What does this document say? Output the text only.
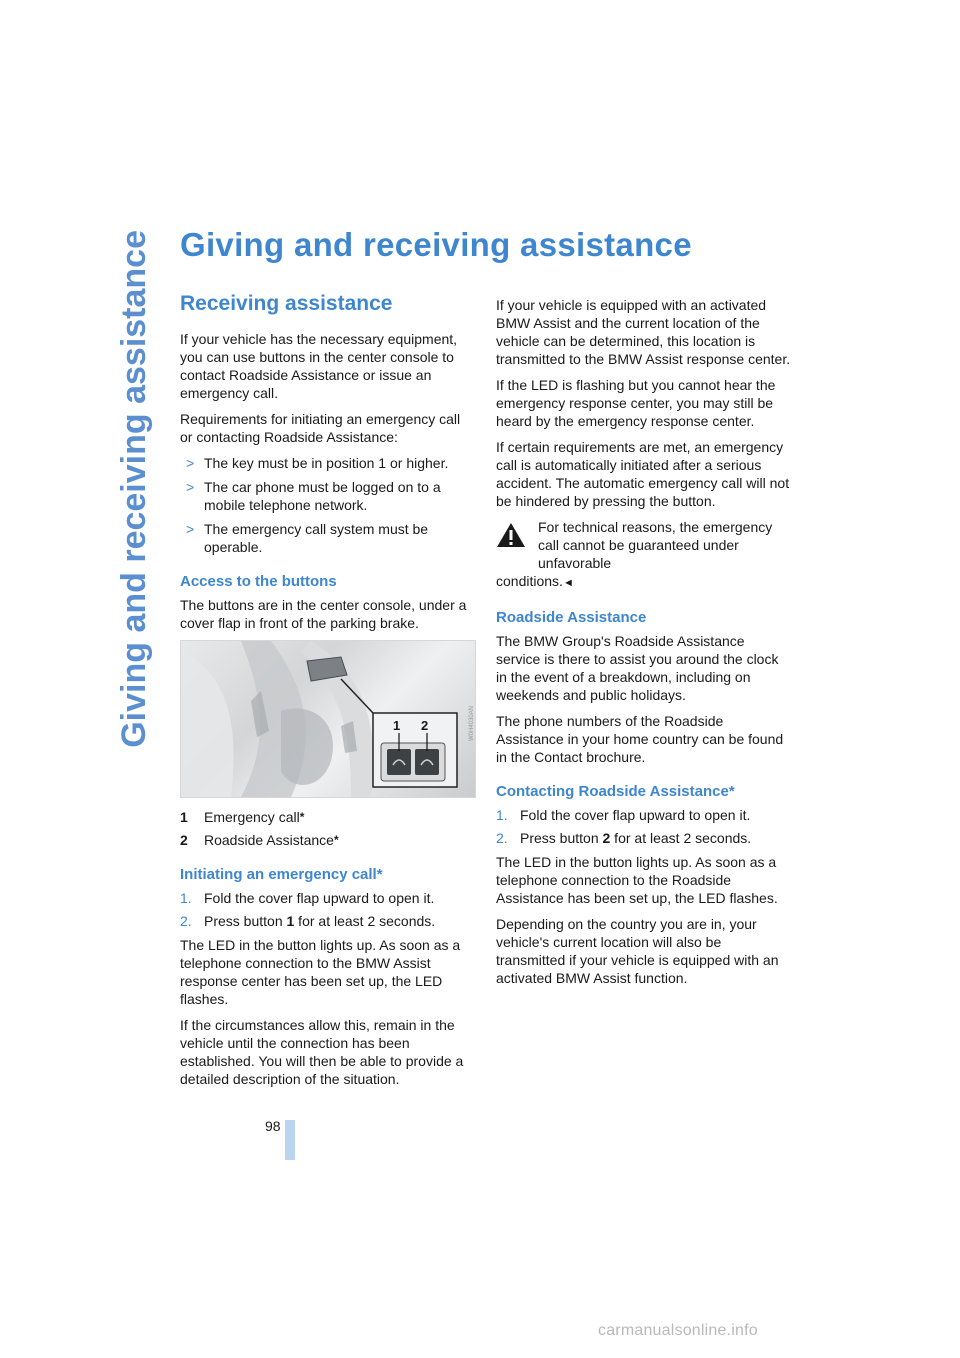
Giving and receiving assistance Giving and receiving assistance
Receiving assistance

If your vehicle has the necessary equipment, you can use buttons in the center console to contact Roadside Assistance or issue an emergency call.

Requirements for initiating an emergency call or contacting Roadside Assistance:

> The key must be in position 1 or higher.
> The car phone must be logged on to a mobile telephone network.
> The emergency call system must be operable.
Access to the buttons

The buttons are in the center console, under a cover flap in front of the parking brake.

1 2	W0H4030AN
1 Emergency call*
2 Roadside Assistance*
Initiating an emergency call*
1. Fold the cover flap upward to open it.
2. Press button 1 for at least 2 seconds.

The LED in the button lights up. As soon as a telephone connection to the BMW Assist response center has been set up, the LED flashes.

If the circumstances allow this, remain in the vehicle until the connection has been established. You will then be able to provide a detailed description of the situation.

If your vehicle is equipped with an activated BMW Assist and the current location of the vehicle can be determined, this location is transmitted to the BMW Assist response center.

If the LED is flashing but you cannot hear the emergency response center, you may still be heard by the emergency response center.

If certain requirements are met, an emergency call is automatically initiated after a serious accident. The automatic emergency call will not be hindered by pressing the button.

For technical reasons, the emergency call cannot be guaranteed under unfavorable
conditions.◄
Roadside Assistance

The BMW Group's Roadside Assistance service is there to assist you around the clock in the event of a breakdown, including on weekends and public holidays.

The phone numbers of the Roadside Assistance in your home country can be found in the Contact brochure.

Contacting Roadside Assistance*
1. Fold the cover flap upward to open it.
2. Press button 2 for at least 2 seconds.

The LED in the button lights up. As soon as a telephone connection to the Roadside Assistance has been set up, the LED flashes.

Depending on the country you are in, your vehicle's current location will also be transmitted if your vehicle is equipped with an activated BMW Assist function.

98
carmanualsonline.info
